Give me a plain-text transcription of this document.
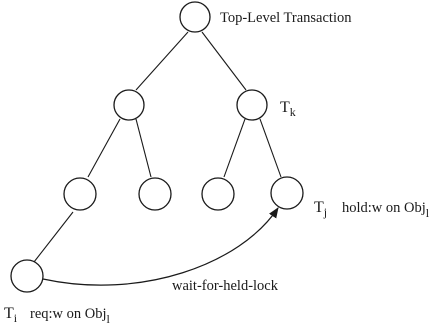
Top-Level Transaction
$T_k$
$T_j$ hold:w on Obj$_l$
wait-for-held-lock
$T_i$ req:w on Obj$_l$
